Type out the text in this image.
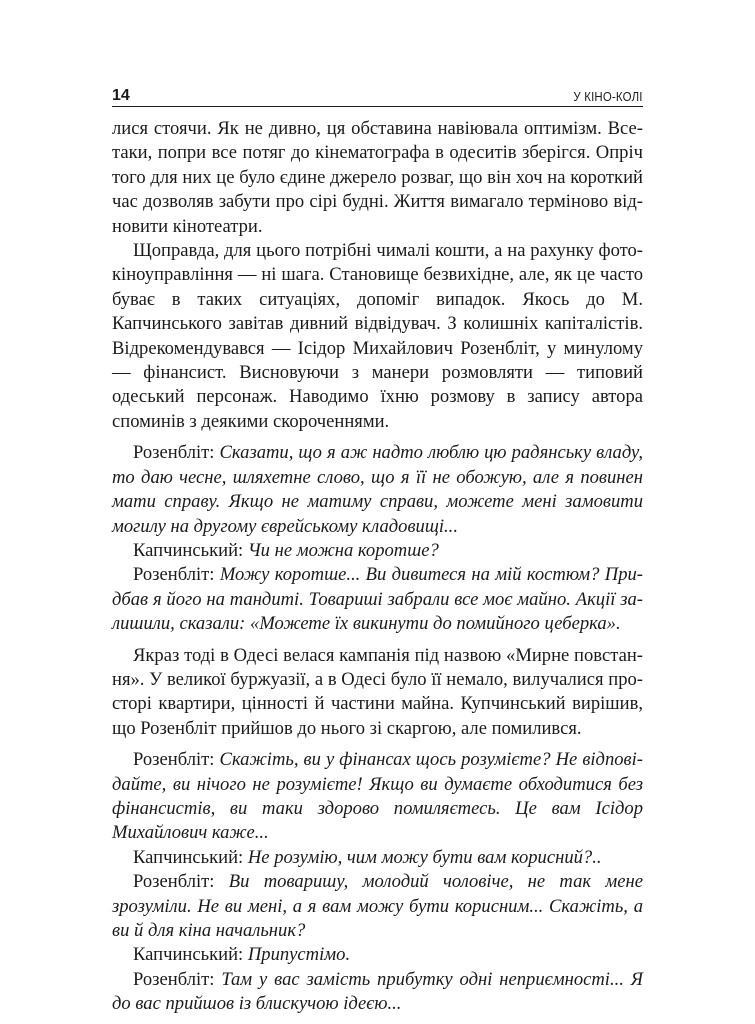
14	У КІНО-КОЛІ

лися стоячи. Як не дивно, ця обставина навіювала оптимізм. Всетаки, попри все потяг до кінематографа в одеситів зберігся. Опріч того для них це було єдине джерело розваг, що він хоч на короткий час дозволяв забути про сірі будні. Життя вимагало терміново відновити кінотеатри.

Щоправда, для цього потрібні чималі кошти, а на рахунку фотокіноуправління — ні шага. Становище безвихідне, але, як це часто буває в таких ситуаціях, допоміг випадок. Якось до М. Капчинського завітав дивний відвідувач. З колишніх капіталістів. Відрекомендувався — Ісідор Михайлович Розенбліт, у минулому — фінансист. Висновуючи з манери розмовляти — типовий одеський персонаж. Наводимо їхню розмову в запису автора споминів з деякими скороченнями.

Розенбліт: Сказати, що я аж надто люблю цю радянську владу, то даю чесне, шляхетне слово, що я її не обожую, але я повинен мати справу. Якщо не матиму справи, можете мені замовити могилу на другому єврейському кладовищі...

Капчинський: Чи не можна коротше?

Розенбліт: Можу коротше... Ви дивитеся на мій костюм? Придбав я його на тандиті. Товариші забрали все моє майно. Акції залишили, сказали: «Можете їх викинути до помийного цеберка».

Якраз тоді в Одесі велася кампанія під назвою «Мирне повстання». У великої буржуазії, а в Одесі було її немало, вилучалися просторі квартири, цінності й частини майна. Купчинський вирішив, що Розенбліт прийшов до нього зі скаргою, але помилився.

Розенбліт: Скажіть, ви у фінансах щось розумієте? Не відповідайте, ви нічого не розумієте! Якщо ви думаєте обходитися без фінансистів, ви таки здорово помиляєтесь. Це вам Ісідор Михайлович каже...

Капчинський: Не розумію, чим можу бути вам корисний?..

Розенбліт: Ви товаришу, молодий чоловіче, не так мене зрозуміли. Не ви мені, а я вам можу бути корисним... Скажіть, а ви й для кіна начальник?

Капчинський: Припустімо.

Розенбліт: Там у вас замість прибутку одні неприємності... Я до вас прийшов із блискучою ідеєю...
